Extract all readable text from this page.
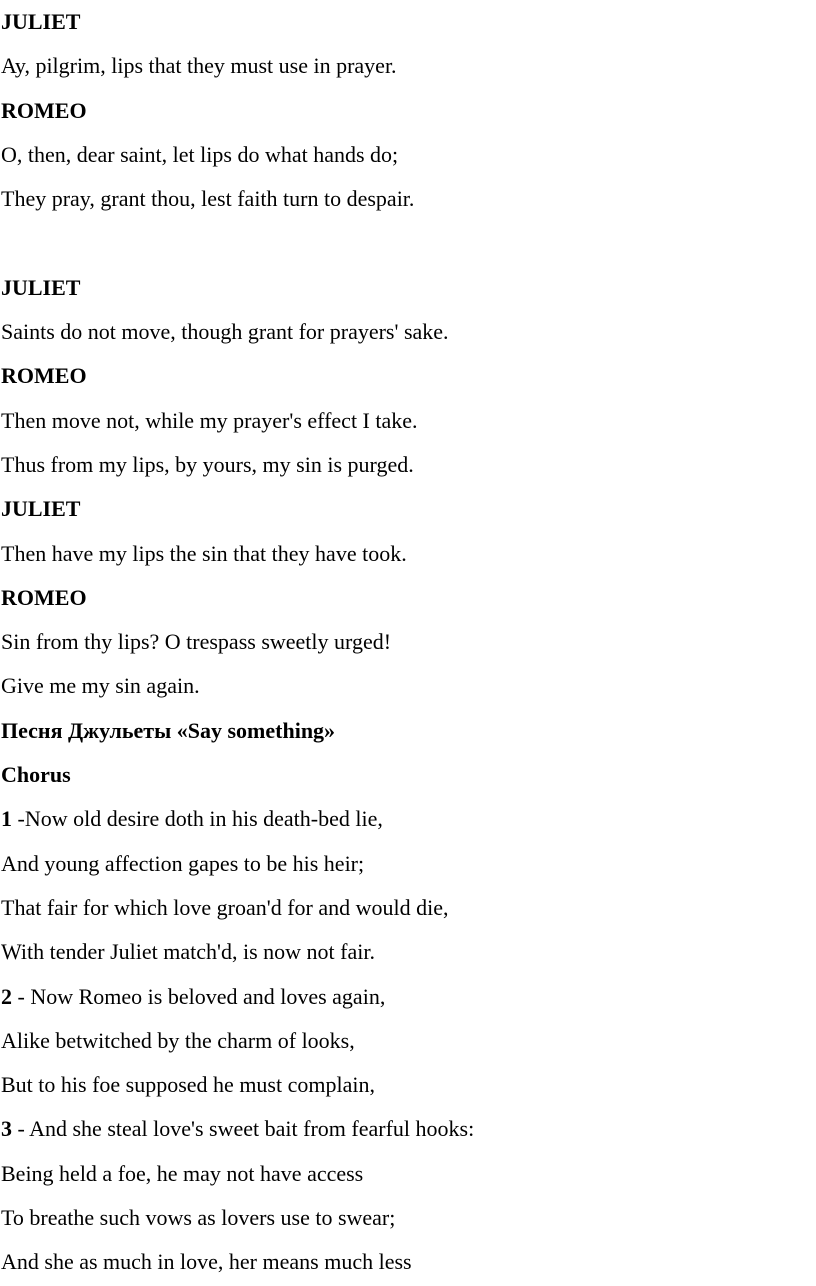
JULIET
Ay, pilgrim, lips that they must use in prayer.
ROMEO
O, then, dear saint, let lips do what hands do;
They pray, grant thou, lest faith turn to despair.
JULIET
Saints do not move, though grant for prayers' sake.
ROMEO
Then move not, while my prayer's effect I take.
Thus from my lips, by yours, my sin is purged.
JULIET
Then have my lips the sin that they have took.
ROMEO
Sin from thy lips? O trespass sweetly urged!
Give me my sin again.
Песня Джульеты «Say something»
Chorus
1 -Now old desire doth in his death-bed lie,
And young affection gapes to be his heir;
That fair for which love groan'd for and would die,
With tender Juliet match'd, is now not fair.
2 - Now Romeo is beloved and loves again,
Alike betwitched by the charm of looks,
But to his foe supposed he must complain,
3 - And she steal love's sweet bait from fearful hooks:
Being held a foe, he may not have access
To breathe such vows as lovers use to swear;
And she as much in love, her means much less
